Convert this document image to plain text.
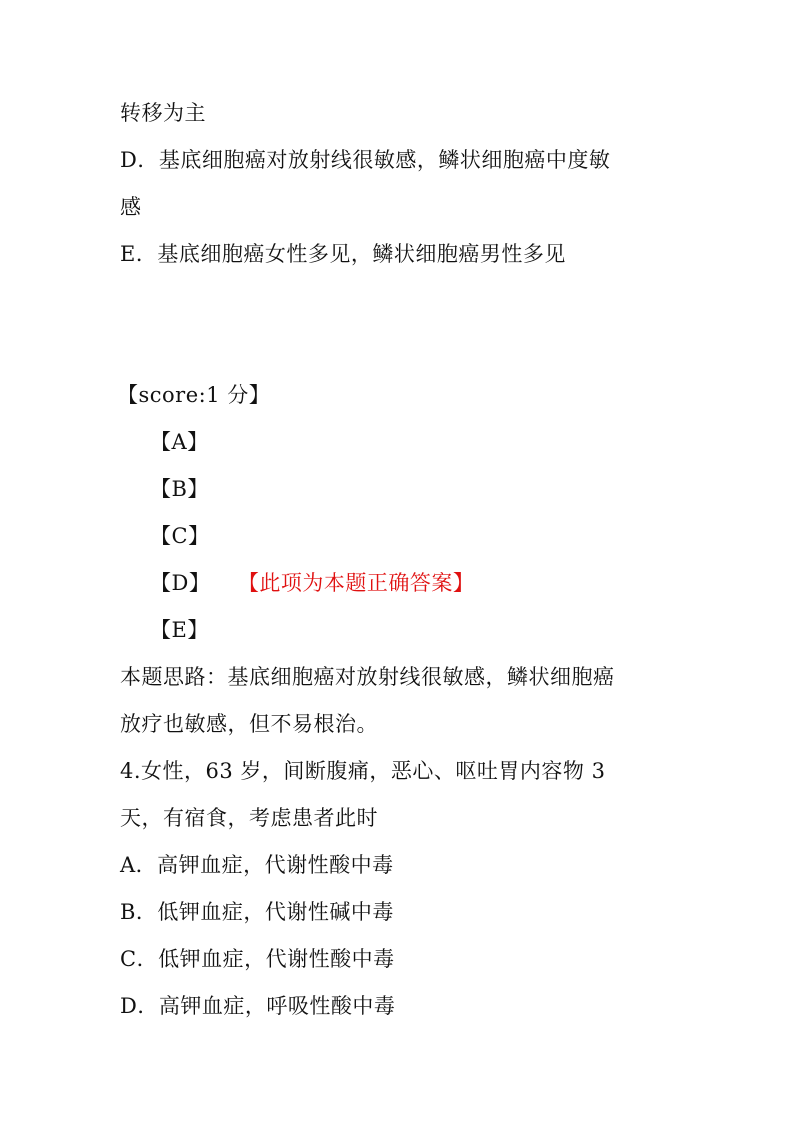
转移为主
D．基底细胞癌对放射线很敏感，鳞状细胞癌中度敏
感
E．基底细胞癌女性多见，鳞状细胞癌男性多见
【score:1 分】
【A】
【B】
【C】
【D】 【此项为本题正确答案】
【E】
本题思路：基底细胞癌对放射线很敏感，鳞状细胞癌
放疗也敏感，但不易根治。
4.女性，63 岁，间断腹痛，恶心、呕吐胃内容物 3
天，有宿食，考虑患者此时
A．高钾血症，代谢性酸中毒
B．低钾血症，代谢性碱中毒
C．低钾血症，代谢性酸中毒
D．高钾血症，呼吸性酸中毒
